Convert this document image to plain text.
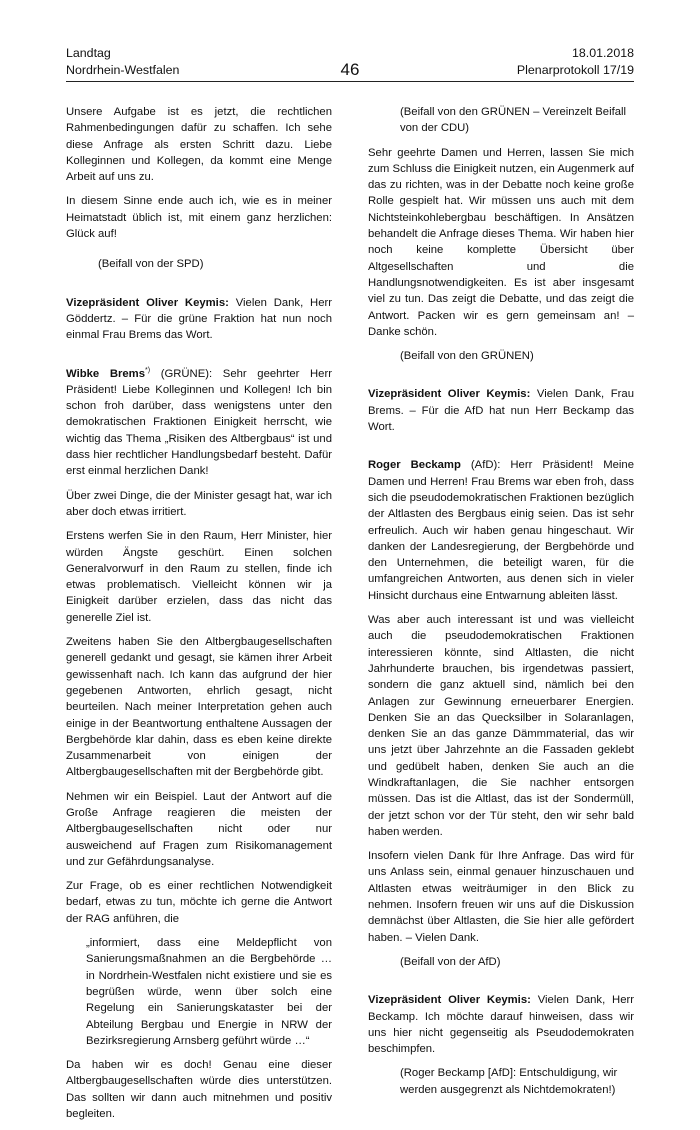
Landtag
Nordrhein-Westfalen	46
18.01.2018
Plenarprotokoll 17/19

Unsere Aufgabe ist es jetzt, die rechtlichen Rahmenbedingungen dafür zu schaffen. Ich sehe diese Anfrage als ersten Schritt dazu. Liebe Kolleginnen und Kollegen, da kommt eine Menge Arbeit auf uns zu.

In diesem Sinne ende auch ich, wie es in meiner Heimatstadt üblich ist, mit einem ganz herzlichen: Glück auf!

(Beifall von der SPD)

Vizepräsident Oliver Keymis: Vielen Dank, Herr Göddertz. – Für die grüne Fraktion hat nun noch einmal Frau Brems das Wort.

Wibke Brems*) (GRÜNE): Sehr geehrter Herr Präsident! Liebe Kolleginnen und Kollegen! Ich bin schon froh darüber, dass wenigstens unter den demokratischen Fraktionen Einigkeit herrscht, wie wichtig das Thema „Risiken des Altbergbaus“ ist und dass hier rechtlicher Handlungsbedarf besteht. Dafür erst einmal herzlichen Dank!

Über zwei Dinge, die der Minister gesagt hat, war ich aber doch etwas irritiert.

Erstens werfen Sie in den Raum, Herr Minister, hier würden Ängste geschürt. Einen solchen Generalvorwurf in den Raum zu stellen, finde ich etwas problematisch. Vielleicht können wir ja Einigkeit darüber erzielen, dass das nicht das generelle Ziel ist.

Zweitens haben Sie den Altbergbaugesellschaften generell gedankt und gesagt, sie kämen ihrer Arbeit gewissenhaft nach. Ich kann das aufgrund der hier gegebenen Antworten, ehrlich gesagt, nicht beurteilen. Nach meiner Interpretation gehen auch einige in der Beantwortung enthaltene Aussagen der Bergbehörde klar dahin, dass es eben keine direkte Zusammenarbeit von einigen der Altbergbaugesellschaften mit der Bergbehörde gibt.

Nehmen wir ein Beispiel. Laut der Antwort auf die Große Anfrage reagieren die meisten der Altbergbaugesellschaften nicht oder nur ausweichend auf Fragen zum Risikomanagement und zur Gefährdungsanalyse.

Zur Frage, ob es einer rechtlichen Notwendigkeit bedarf, etwas zu tun, möchte ich gerne die Antwort der RAG anführen, die

„informiert, dass eine Meldepflicht von Sanierungsmaßnahmen an die Bergbehörde … in Nordrhein-Westfalen nicht existiere und sie es begrüßen würde, wenn über solch eine Regelung ein Sanierungskataster bei der Abteilung Bergbau und Energie in NRW der Bezirksregierung Arnsberg geführt würde …“

Da haben wir es doch! Genau eine dieser Altbergbaugesellschaften würde dies unterstützen. Das sollten wir dann auch mitnehmen und positiv begleiten.

(Beifall von den GRÜNEN – Vereinzelt Beifall von der CDU)

Sehr geehrte Damen und Herren, lassen Sie mich zum Schluss die Einigkeit nutzen, ein Augenmerk auf das zu richten, was in der Debatte noch keine große Rolle gespielt hat. Wir müssen uns auch mit dem Nichtsteinkohlebergbau beschäftigen. In Ansätzen behandelt die Anfrage dieses Thema. Wir haben hier noch keine komplette Übersicht über Altgesellschaften und die Handlungsnotwendigkeiten. Es ist aber insgesamt viel zu tun. Das zeigt die Debatte, und das zeigt die Antwort. Packen wir es gern gemeinsam an! – Danke schön.

(Beifall von den GRÜNEN)

Vizepräsident Oliver Keymis: Vielen Dank, Frau Brems. – Für die AfD hat nun Herr Beckamp das Wort.

Roger Beckamp (AfD): Herr Präsident! Meine Damen und Herren! Frau Brems war eben froh, dass sich die pseudodemokratischen Fraktionen bezüglich der Altlasten des Bergbaus einig seien. Das ist sehr erfreulich. Auch wir haben genau hingeschaut. Wir danken der Landesregierung, der Bergbehörde und den Unternehmen, die beteiligt waren, für die umfangreichen Antworten, aus denen sich in vieler Hinsicht durchaus eine Entwarnung ableiten lässt.

Was aber auch interessant ist und was vielleicht auch die pseudodemokratischen Fraktionen interessieren könnte, sind Altlasten, die nicht Jahrhunderte brauchen, bis irgendetwas passiert, sondern die ganz aktuell sind, nämlich bei den Anlagen zur Gewinnung erneuerbarer Energien. Denken Sie an das Quecksilber in Solaranlagen, denken Sie an das ganze Dämmmaterial, das wir uns jetzt über Jahrzehnte an die Fassaden geklebt und gedübelt haben, denken Sie auch an die Windkraftanlagen, die Sie nachher entsorgen müssen. Das ist die Altlast, das ist der Sondermüll, der jetzt schon vor der Tür steht, den wir sehr bald haben werden.

Insofern vielen Dank für Ihre Anfrage. Das wird für uns Anlass sein, einmal genauer hinzuschauen und Altlasten etwas weiträumiger in den Blick zu nehmen. Insofern freuen wir uns auf die Diskussion demnächst über Altlasten, die Sie hier alle gefördert haben. – Vielen Dank.

(Beifall von der AfD)

Vizepräsident Oliver Keymis: Vielen Dank, Herr Beckamp. Ich möchte darauf hinweisen, dass wir uns hier nicht gegenseitig als Pseudodemokraten beschimpfen.

(Roger Beckamp [AfD]: Entschuldigung, wir werden ausgegrenzt als Nichtdemokraten!)
